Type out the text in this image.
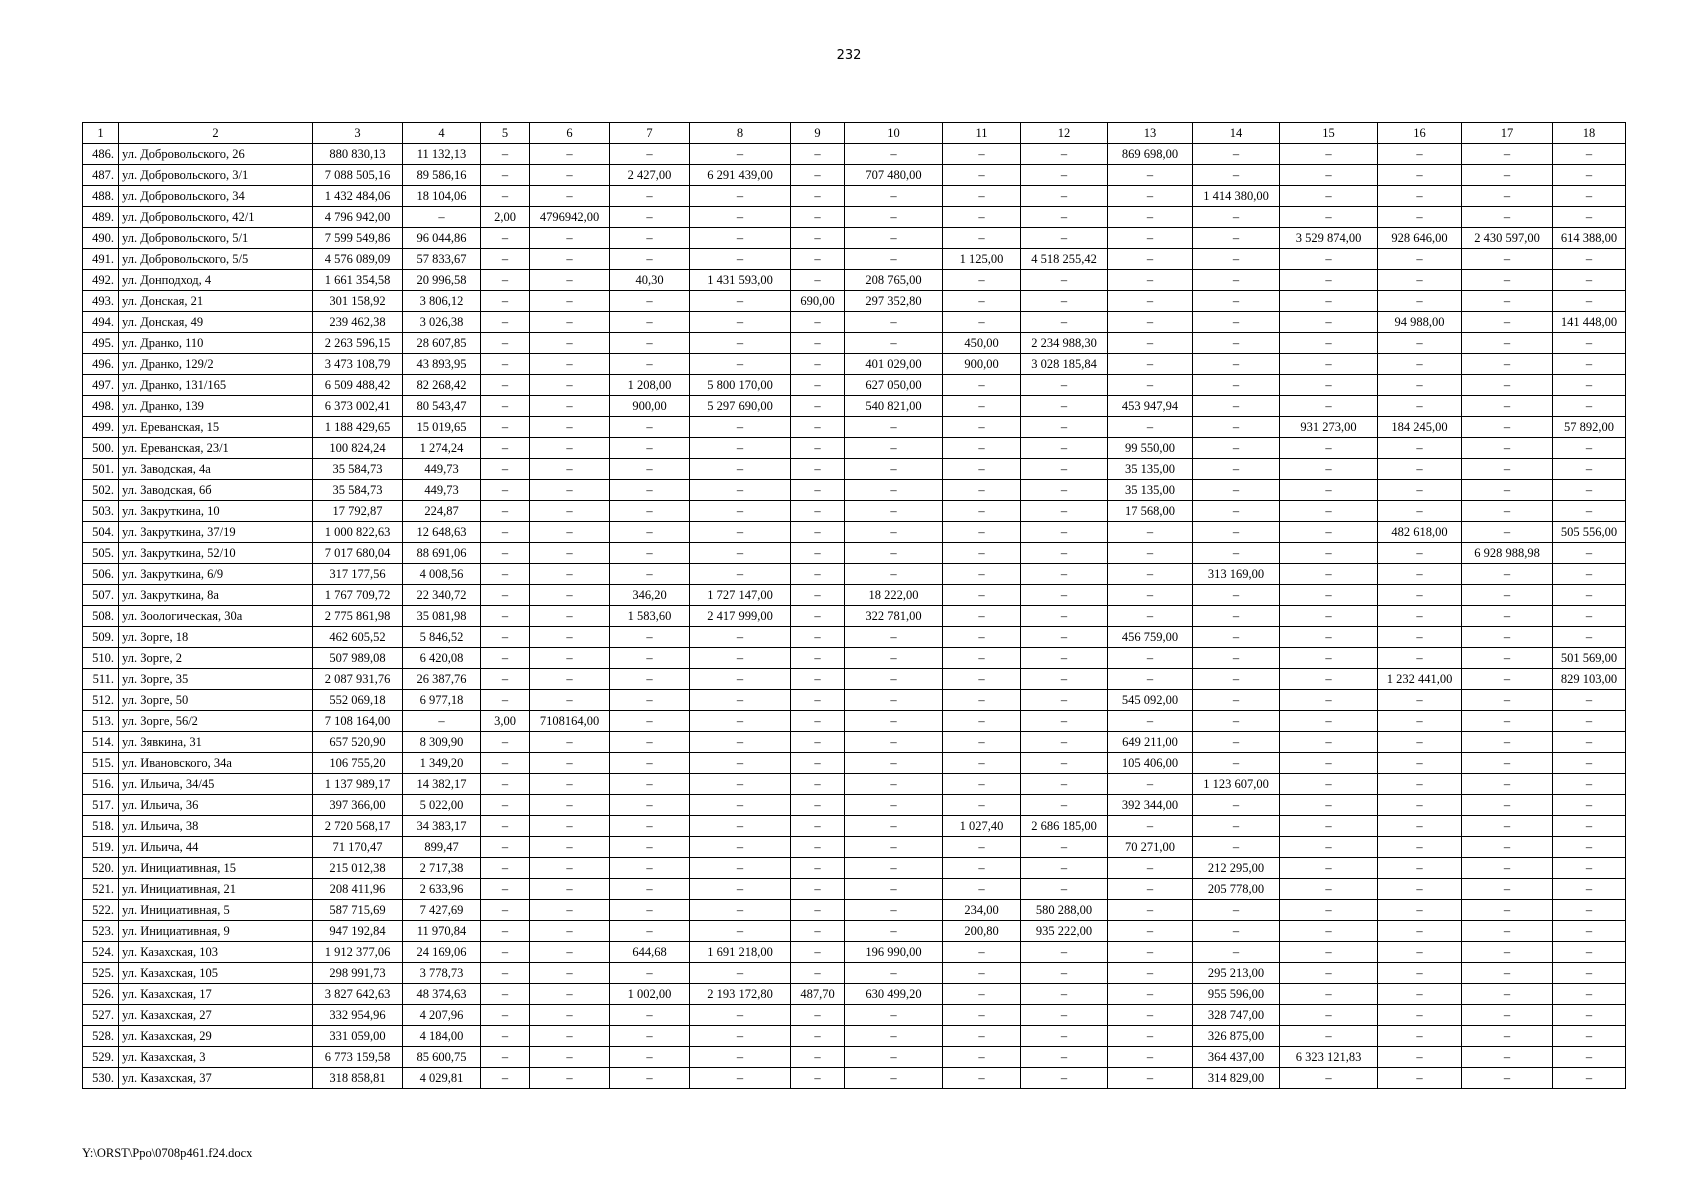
232
1	2	3	4	5	6	7	8	9	10	11	12	13	14	15	16	17	18
486.	ул. Добровольского, 26	880 830,13	11 132,13	–	–	–	–	–	–	–	–	869 698,00	–	–	–	–	–
487.	ул. Добровольского, 3/1	7 088 505,16	89 586,16	–	–	2 427,00	6 291 439,00	–	707 480,00	–	–	–	–	–	–	–	–
488.	ул. Добровольского, 34	1 432 484,06	18 104,06	–	–	–	–	–	–	–	–	–	1 414 380,00	–	–	–	–
489.	ул. Добровольского, 42/1	4 796 942,00	–	2,00	4796942,00	–	–	–	–	–	–	–	–	–	–	–	–
490.	ул. Добровольского, 5/1	7 599 549,86	96 044,86	–	–	–	–	–	–	–	–	–	–	3 529 874,00	928 646,00	2 430 597,00	614 388,00
491.	ул. Добровольского, 5/5	4 576 089,09	57 833,67	–	–	–	–	–	–	1 125,00	4 518 255,42	–	–	–	–	–	–
492.	ул. Донподход, 4	1 661 354,58	20 996,58	–	–	40,30	1 431 593,00	–	208 765,00	–	–	–	–	–	–	–	–
493.	ул. Донская, 21	301 158,92	3 806,12	–	–	–	–	690,00	297 352,80	–	–	–	–	–	–	–	–
494.	ул. Донская, 49	239 462,38	3 026,38	–	–	–	–	–	–	–	–	–	–	–	94 988,00	–	141 448,00
495.	ул. Дранко, 110	2 263 596,15	28 607,85	–	–	–	–	–	–	450,00	2 234 988,30	–	–	–	–	–	–
496.	ул. Дранко, 129/2	3 473 108,79	43 893,95	–	–	–	–	–	401 029,00	900,00	3 028 185,84	–	–	–	–	–	–
497.	ул. Дранко, 131/165	6 509 488,42	82 268,42	–	–	1 208,00	5 800 170,00	–	627 050,00	–	–	–	–	–	–	–	–
498.	ул. Дранко, 139	6 373 002,41	80 543,47	–	–	900,00	5 297 690,00	–	540 821,00	–	–	453 947,94	–	–	–	–	–
499.	ул. Ереванская, 15	1 188 429,65	15 019,65	–	–	–	–	–	–	–	–	–	–	931 273,00	184 245,00	–	57 892,00
500.	ул. Ереванская, 23/1	100 824,24	1 274,24	–	–	–	–	–	–	–	–	99 550,00	–	–	–	–	–
501.	ул. Заводская, 4а	35 584,73	449,73	–	–	–	–	–	–	–	–	35 135,00	–	–	–	–	–
502.	ул. Заводская, 6б	35 584,73	449,73	–	–	–	–	–	–	–	–	35 135,00	–	–	–	–	–
503.	ул. Закруткина, 10	17 792,87	224,87	–	–	–	–	–	–	–	–	17 568,00	–	–	–	–	–
504.	ул. Закруткина, 37/19	1 000 822,63	12 648,63	–	–	–	–	–	–	–	–	–	–	–	482 618,00	–	505 556,00
505.	ул. Закруткина, 52/10	7 017 680,04	88 691,06	–	–	–	–	–	–	–	–	–	–	–	–	6 928 988,98	–
506.	ул. Закруткина, 6/9	317 177,56	4 008,56	–	–	–	–	–	–	–	–	–	313 169,00	–	–	–	–
507.	ул. Закруткина, 8а	1 767 709,72	22 340,72	–	–	346,20	1 727 147,00	–	18 222,00	–	–	–	–	–	–	–	–
508.	ул. Зоологическая, 30а	2 775 861,98	35 081,98	–	–	1 583,60	2 417 999,00	–	322 781,00	–	–	–	–	–	–	–	–
509.	ул. Зорге, 18	462 605,52	5 846,52	–	–	–	–	–	–	–	–	456 759,00	–	–	–	–	–
510.	ул. Зорге, 2	507 989,08	6 420,08	–	–	–	–	–	–	–	–	–	–	–	–	–	501 569,00
511.	ул. Зорге, 35	2 087 931,76	26 387,76	–	–	–	–	–	–	–	–	–	–	–	1 232 441,00	–	829 103,00
512.	ул. Зорге, 50	552 069,18	6 977,18	–	–	–	–	–	–	–	–	545 092,00	–	–	–	–	–
513.	ул. Зорге, 56/2	7 108 164,00	–	3,00	7108164,00	–	–	–	–	–	–	–	–	–	–	–	–
514.	ул. Зявкина, 31	657 520,90	8 309,90	–	–	–	–	–	–	–	–	649 211,00	–	–	–	–	–
515.	ул. Ивановского, 34а	106 755,20	1 349,20	–	–	–	–	–	–	–	–	105 406,00	–	–	–	–	–
516.	ул. Ильича, 34/45	1 137 989,17	14 382,17	–	–	–	–	–	–	–	–	–	1 123 607,00	–	–	–	–
517.	ул. Ильича, 36	397 366,00	5 022,00	–	–	–	–	–	–	–	–	392 344,00	–	–	–	–	–
518.	ул. Ильича, 38	2 720 568,17	34 383,17	–	–	–	–	–	–	1 027,40	2 686 185,00	–	–	–	–	–	–
519.	ул. Ильича, 44	71 170,47	899,47	–	–	–	–	–	–	–	–	70 271,00	–	–	–	–	–
520.	ул. Инициативная, 15	215 012,38	2 717,38	–	–	–	–	–	–	–	–	–	212 295,00	–	–	–	–
521.	ул. Инициативная, 21	208 411,96	2 633,96	–	–	–	–	–	–	–	–	–	205 778,00	–	–	–	–
522.	ул. Инициативная, 5	587 715,69	7 427,69	–	–	–	–	–	–	234,00	580 288,00	–	–	–	–	–	–
523.	ул. Инициативная, 9	947 192,84	11 970,84	–	–	–	–	–	–	200,80	935 222,00	–	–	–	–	–	–
524.	ул. Казахская, 103	1 912 377,06	24 169,06	–	–	644,68	1 691 218,00	–	196 990,00	–	–	–	–	–	–	–	–
525.	ул. Казахская, 105	298 991,73	3 778,73	–	–	–	–	–	–	–	–	–	295 213,00	–	–	–	–
526.	ул. Казахская, 17	3 827 642,63	48 374,63	–	–	1 002,00	2 193 172,80	487,70	630 499,20	–	–	–	955 596,00	–	–	–	–
527.	ул. Казахская, 27	332 954,96	4 207,96	–	–	–	–	–	–	–	–	–	328 747,00	–	–	–	–
528.	ул. Казахская, 29	331 059,00	4 184,00	–	–	–	–	–	–	–	–	–	326 875,00	–	–	–	–
529.	ул. Казахская, 3	6 773 159,58	85 600,75	–	–	–	–	–	–	–	–	–	364 437,00	6 323 121,83	–	–	–
530.	ул. Казахская, 37	318 858,81	4 029,81	–	–	–	–	–	–	–	–	–	314 829,00	–	–	–	–
Y:\ORST\Ppo\0708p461.f24.docx
